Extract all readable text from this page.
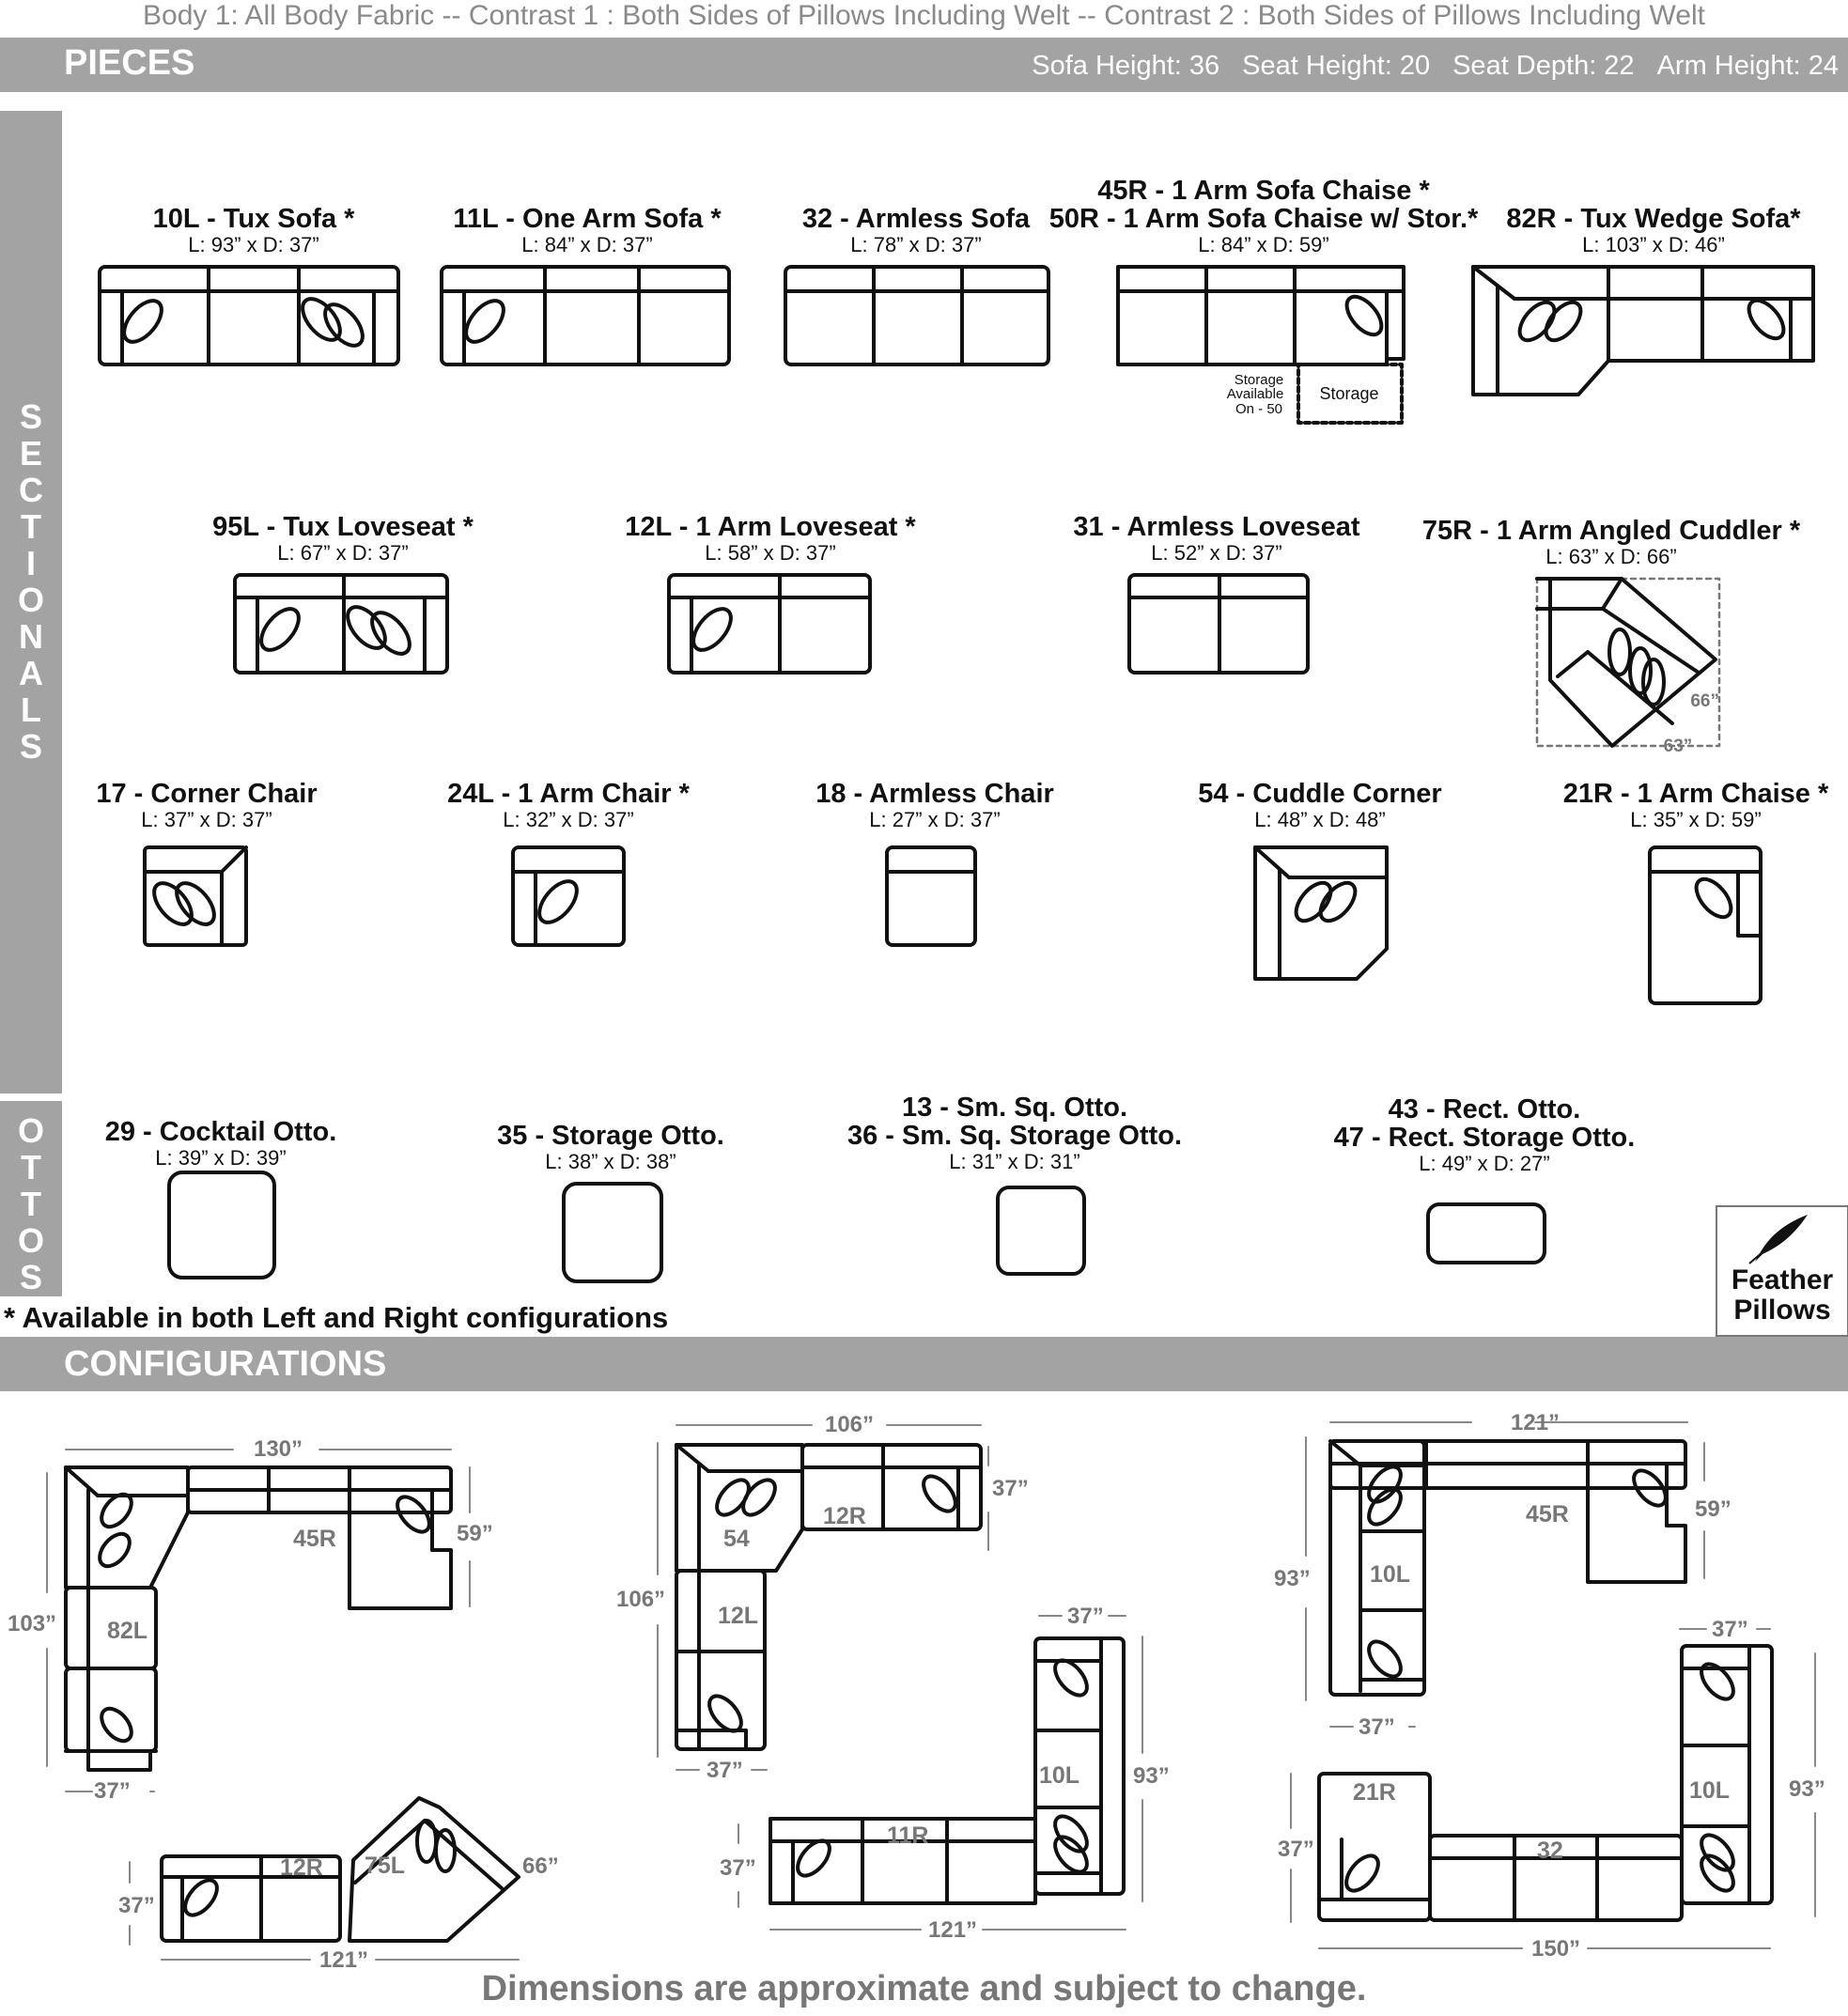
Body 1: All Body Fabric -- Contrast 1 : Both Sides of Pillows Including Welt -- Contrast 2 : Both Sides of Pillows Including Welt
PIECES	Sofa Height: 36 Seat Height: 20 Seat Depth: 22 Arm Height: 24
S
E
C
T
I
O
N
A
L
S
O
T
T
O
S
10L - Tux Sofa *
L: 93” x D: 37”
11L - One Arm Sofa *
L: 84” x D: 37”
32 - Armless Sofa
L: 78” x D: 37”
45R - 1 Arm Sofa Chaise *
50R - 1 Arm Sofa Chaise w/ Stor.*
L: 84” x D: 59”
82R - Tux Wedge Sofa*
L: 103” x D: 46”
95L - Tux Loveseat *
L: 67” x D: 37”
12L - 1 Arm Loveseat *
L: 58” x D: 37”
31 - Armless Loveseat
L: 52” x D: 37”
75R - 1 Arm Angled Cuddler *
L: 63” x D: 66”
17 - Corner Chair
L: 37” x D: 37”
24L - 1 Arm Chair *
L: 32” x D: 37”
18 - Armless Chair
L: 27” x D: 37”
54 - Cuddle Corner
L: 48” x D: 48”
21R - 1 Arm Chaise *
L: 35” x D: 59”
29 - Cocktail Otto.
L: 39” x D: 39”
35 - Storage Otto.
L: 38” x D: 38”
13 - Sm. Sq. Otto.
36 - Sm. Sq. Storage Otto.
L: 31” x D: 31”
43 - Rect. Otto.
47 - Rect. Storage Otto.
L: 49” x D: 27”
Storage
Available
On - 50
Storage
66”
63”
130”
59”
103”
37”
45R
82L
37”
66”
121”
12R 75L
106”
37”
106”
37”
54
12R
12L	37”
93”
10L
37”
121”
11R
121”
59”
93”
37”
45R
10L
37”
93”
10L
37”
150”
21R
32
* Available in both Left and Right configurations
Feather
Pillows
CONFIGURATIONS
Dimensions are approximate and subject to change.
